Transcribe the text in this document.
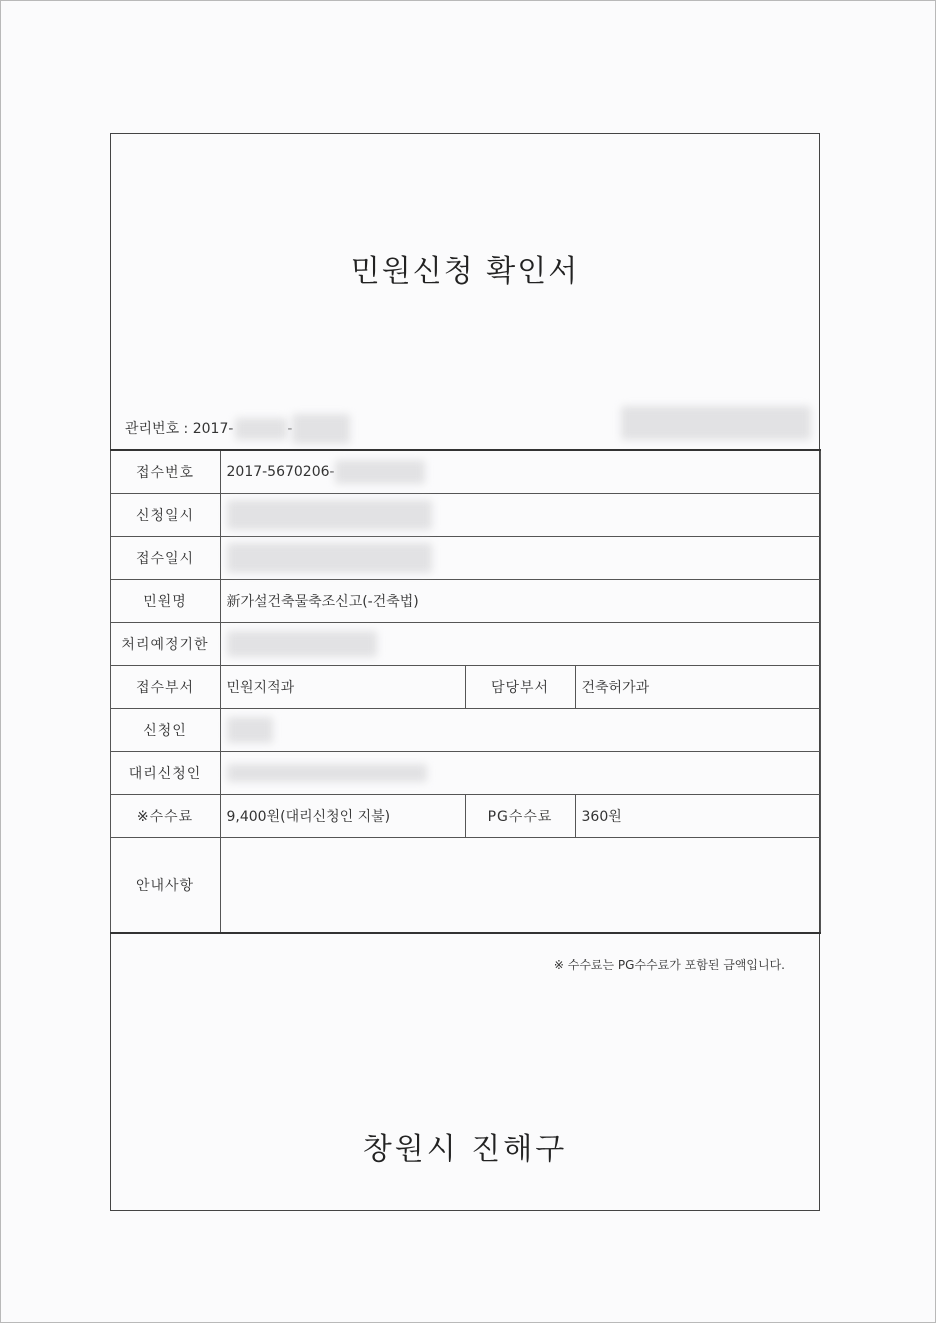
민원신청 확인서
관리번호 : 2017-	-
접수번호	2017-5670206-		
신청일시			
접수일시			
민원명	新가설건축물축조신고(-건축법)		
처리예정기한			
접수부서	민원지적과	담당부서	건축허가과
신청인			
대리신청인			
※수수료	9,400원(대리신청인 지불)	PG수수료	360원
안내사항			
※ 수수료는 PG수수료가 포함된 금액입니다.
창원시 진해구
